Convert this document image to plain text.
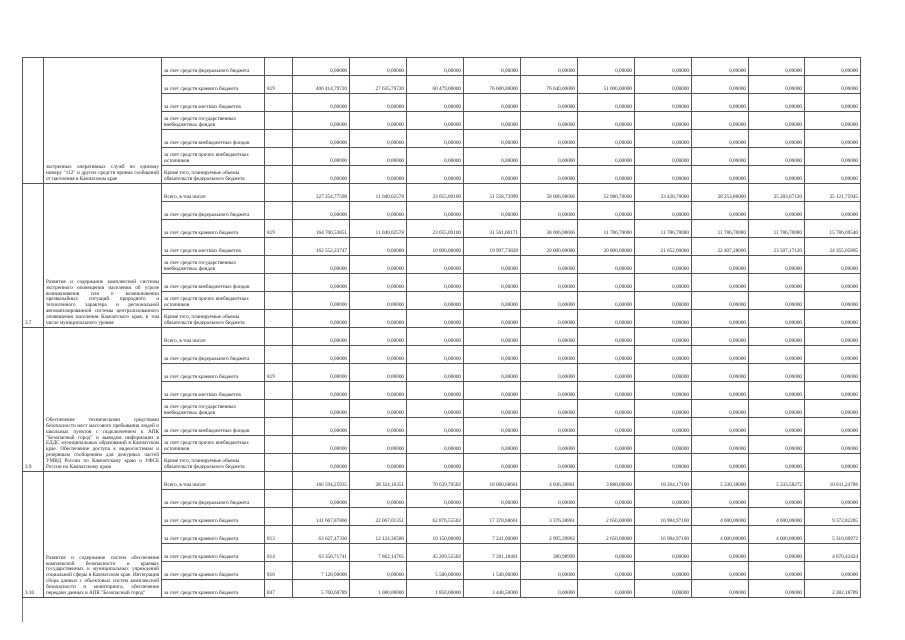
	экстренных оперативных служб по единому номеру "112" и других средств приема сообщений от населения в Камчатском крае	за счет средств федерального бюджета		0,00000	0,00000	0,00000	0,00000	0,00000	0,00000	0,00000	0,00000	0,00000	0,00000
		за счет средств краевого бюджета	819	406 414,79720	27 635,79720	60 479,00000	76 600,00000	76 640,00000	51 000,00000	0,00000	0,00000	0,00000	0,00000
		за счет средств местных бюджетов		0,00000	0,00000	0,00000	0,00000	0,00000	0,00000	0,00000	0,00000	0,00000	0,00000
		за счет средств государственных внебюджетных фондов		0,00000	0,00000	0,00000	0,00000	0,00000	0,00000	0,00000	0,00000	0,00000	0,00000
		за счет средств внебюджетных фондов		0,00000	0,00000	0,00000	0,00000	0,00000	0,00000	0,00000	0,00000	0,00000	0,00000
		за счет средств прочих внебюджетных источников		0,00000	0,00000	0,00000	0,00000	0,00000	0,00000	0,00000	0,00000	0,00000	0,00000
		Кроме того, планируемые объемы обязательств федерального бюджета		0,00000	0,00000	0,00000	0,00000	0,00000	0,00000	0,00000	0,00000	0,00000	0,00000
3.7	Развитие и содержание комплексной системы экстренного оповещения населения об угрозе возникновения или о возникновении чрезвычайных ситуаций природного и техногенного характера и региональной автоматизированной системы централизованного оповещения населения Камчатского края, в том числе муниципального уровня	Всего, в том числе:		327 254,77598	11 040,02578	33 055,09100	51 558,73999	58 006,98666	52 986,70000	33 428,70000	38 253,86000	35 283,67120	35 121,75945
		за счет средств федерального бюджета		0,00000	0,00000	0,00000	0,00000	0,00000	0,00000	0,00000	0,00000	0,00000	0,00000
		за счет средств краевого бюджета	819	164 700,53851	11 040,02578	23 055,09100	31 561,00171	38 006,98666	11 786,70000	11 786,70000	11 786,70000	11 786,70000	15 786,69540
		за счет средств местных бюджетов		162 552,23747	0,00000	10 000,00000	19 997,73828	20 000,00000	20 800,00000	21 652,00000	22 407,28000	23 507,17120	24 355,05805
		за счет средств государственных внебюджетных фондов		0,00000	0,00000	0,00000	0,00000	0,00000	0,00000	0,00000	0,00000	0,00000	0,00000
		за счет средств внебюджетных фондов		0,00000	0,00000	0,00000	0,00000	0,00000	0,00000	0,00000	0,00000	0,00000	0,00000
		за счет средств прочих внебюджетных источников		0,00000	0,00000	0,00000	0,00000	0,00000	0,00000	0,00000	0,00000	0,00000	0,00000
		Кроме того, планируемые объемы обязательств федерального бюджета		0,00000	0,00000	0,00000	0,00000	0,00000	0,00000	0,00000	0,00000	0,00000	0,00000
3.9	Обеспечение техническими средствами безопасности мест массового пребывания людей и школьных пунктов с подключением к АПК "Безопасный город" и выводом информации в ЕДДС муниципальных образований в Камчатском крае. Обеспечение доступа к видеосистемам и резервным сообщениям для дежурных частей УМВД России по Камчатскому краю и УФСБ России по Камчатскому краю	Всего, в том числе:		0,00000	0,00000	0,00000	0,00000	0,00000	0,00000	0,00000	0,00000	0,00000	0,00000
		за счет средств федерального бюджета		0,00000	0,00000	0,00000	0,00000	0,00000	0,00000	0,00000	0,00000	0,00000	0,00000
		за счет средств краевого бюджета	819	0,00000	0,00000	0,00000	0,00000	0,00000	0,00000	0,00000	0,00000	0,00000	0,00000
		за счет средств местных бюджетов		0,00000	0,00000	0,00000	0,00000	0,00000	0,00000	0,00000	0,00000	0,00000	0,00000
		за счет средств государственных внебюджетных фондов		0,00000	0,00000	0,00000	0,00000	0,00000	0,00000	0,00000	0,00000	0,00000	0,00000
		за счет средств внебюджетных фондов		0,00000	0,00000	0,00000	0,00000	0,00000	0,00000	0,00000	0,00000	0,00000	0,00000
		за счет средств прочих внебюджетных источников		0,00000	0,00000	0,00000	0,00000	0,00000	0,00000	0,00000	0,00000	0,00000	0,00000
		Кроме того, планируемые объемы обязательств федерального бюджета		0,00000	0,00000	0,00000	0,00000	0,00000	0,00000	0,00000	0,00000	0,00000	0,00000
3.10	Развитие и содержание систем обеспечения комплексной безопасности и краевых государственных и муниципальных учреждений социальной сферы в Камчатском крае. Интеграция сбора данных с объектовых систем комплексной безопасности и мониторинга, обеспечение передачи данных в АПК "Безопасный город"	Всего, в том числе:		166 594,25935	28 324,16351	70 639,70502	18 600,68661	4 036,38861	3 880,00000	18 264,17100	5 330,38000	5 333,58272	10 811,24788
		за счет средств федерального бюджета		0,00000	0,00000	0,00000	0,00000	0,00000	0,00000	0,00000	0,00000	0,00000	0,00000
		за счет средств краевого бюджета		141 667,87860	22 067,01351	62 876,55502	17 370,68661	3 376,38861	2 650,00000	16 984,97100	4 000,00000	4 000,00000	9 372,82285
		за счет средств краевого бюджета	813	63 627,47330	12 124,36586	10 150,00000	7 241,00000	2 995,39862	2 650,00000	16 984,97100	4 000,00000	4 000,00000	5 310,60972
		за счет средств краевого бюджета	814	63 356,71741	7 862,14765	45 209,55502	7 281,18461	380,98999	0,00000	0,00000	0,00000	0,00000	4 670,43424
		за счет средств краевого бюджета	816	7 128,00000	0,00000	5 580,00000	1 540,00000	0,00000	0,00000	0,00000	0,00000	0,00000	0,00000
		за счет средств краевого бюджета	847	5 760,68789	1 080,00000	1 850,00000	3 448,50000	0,00000	0,00000	0,00000	0,00000	0,00000	2 382,18789
